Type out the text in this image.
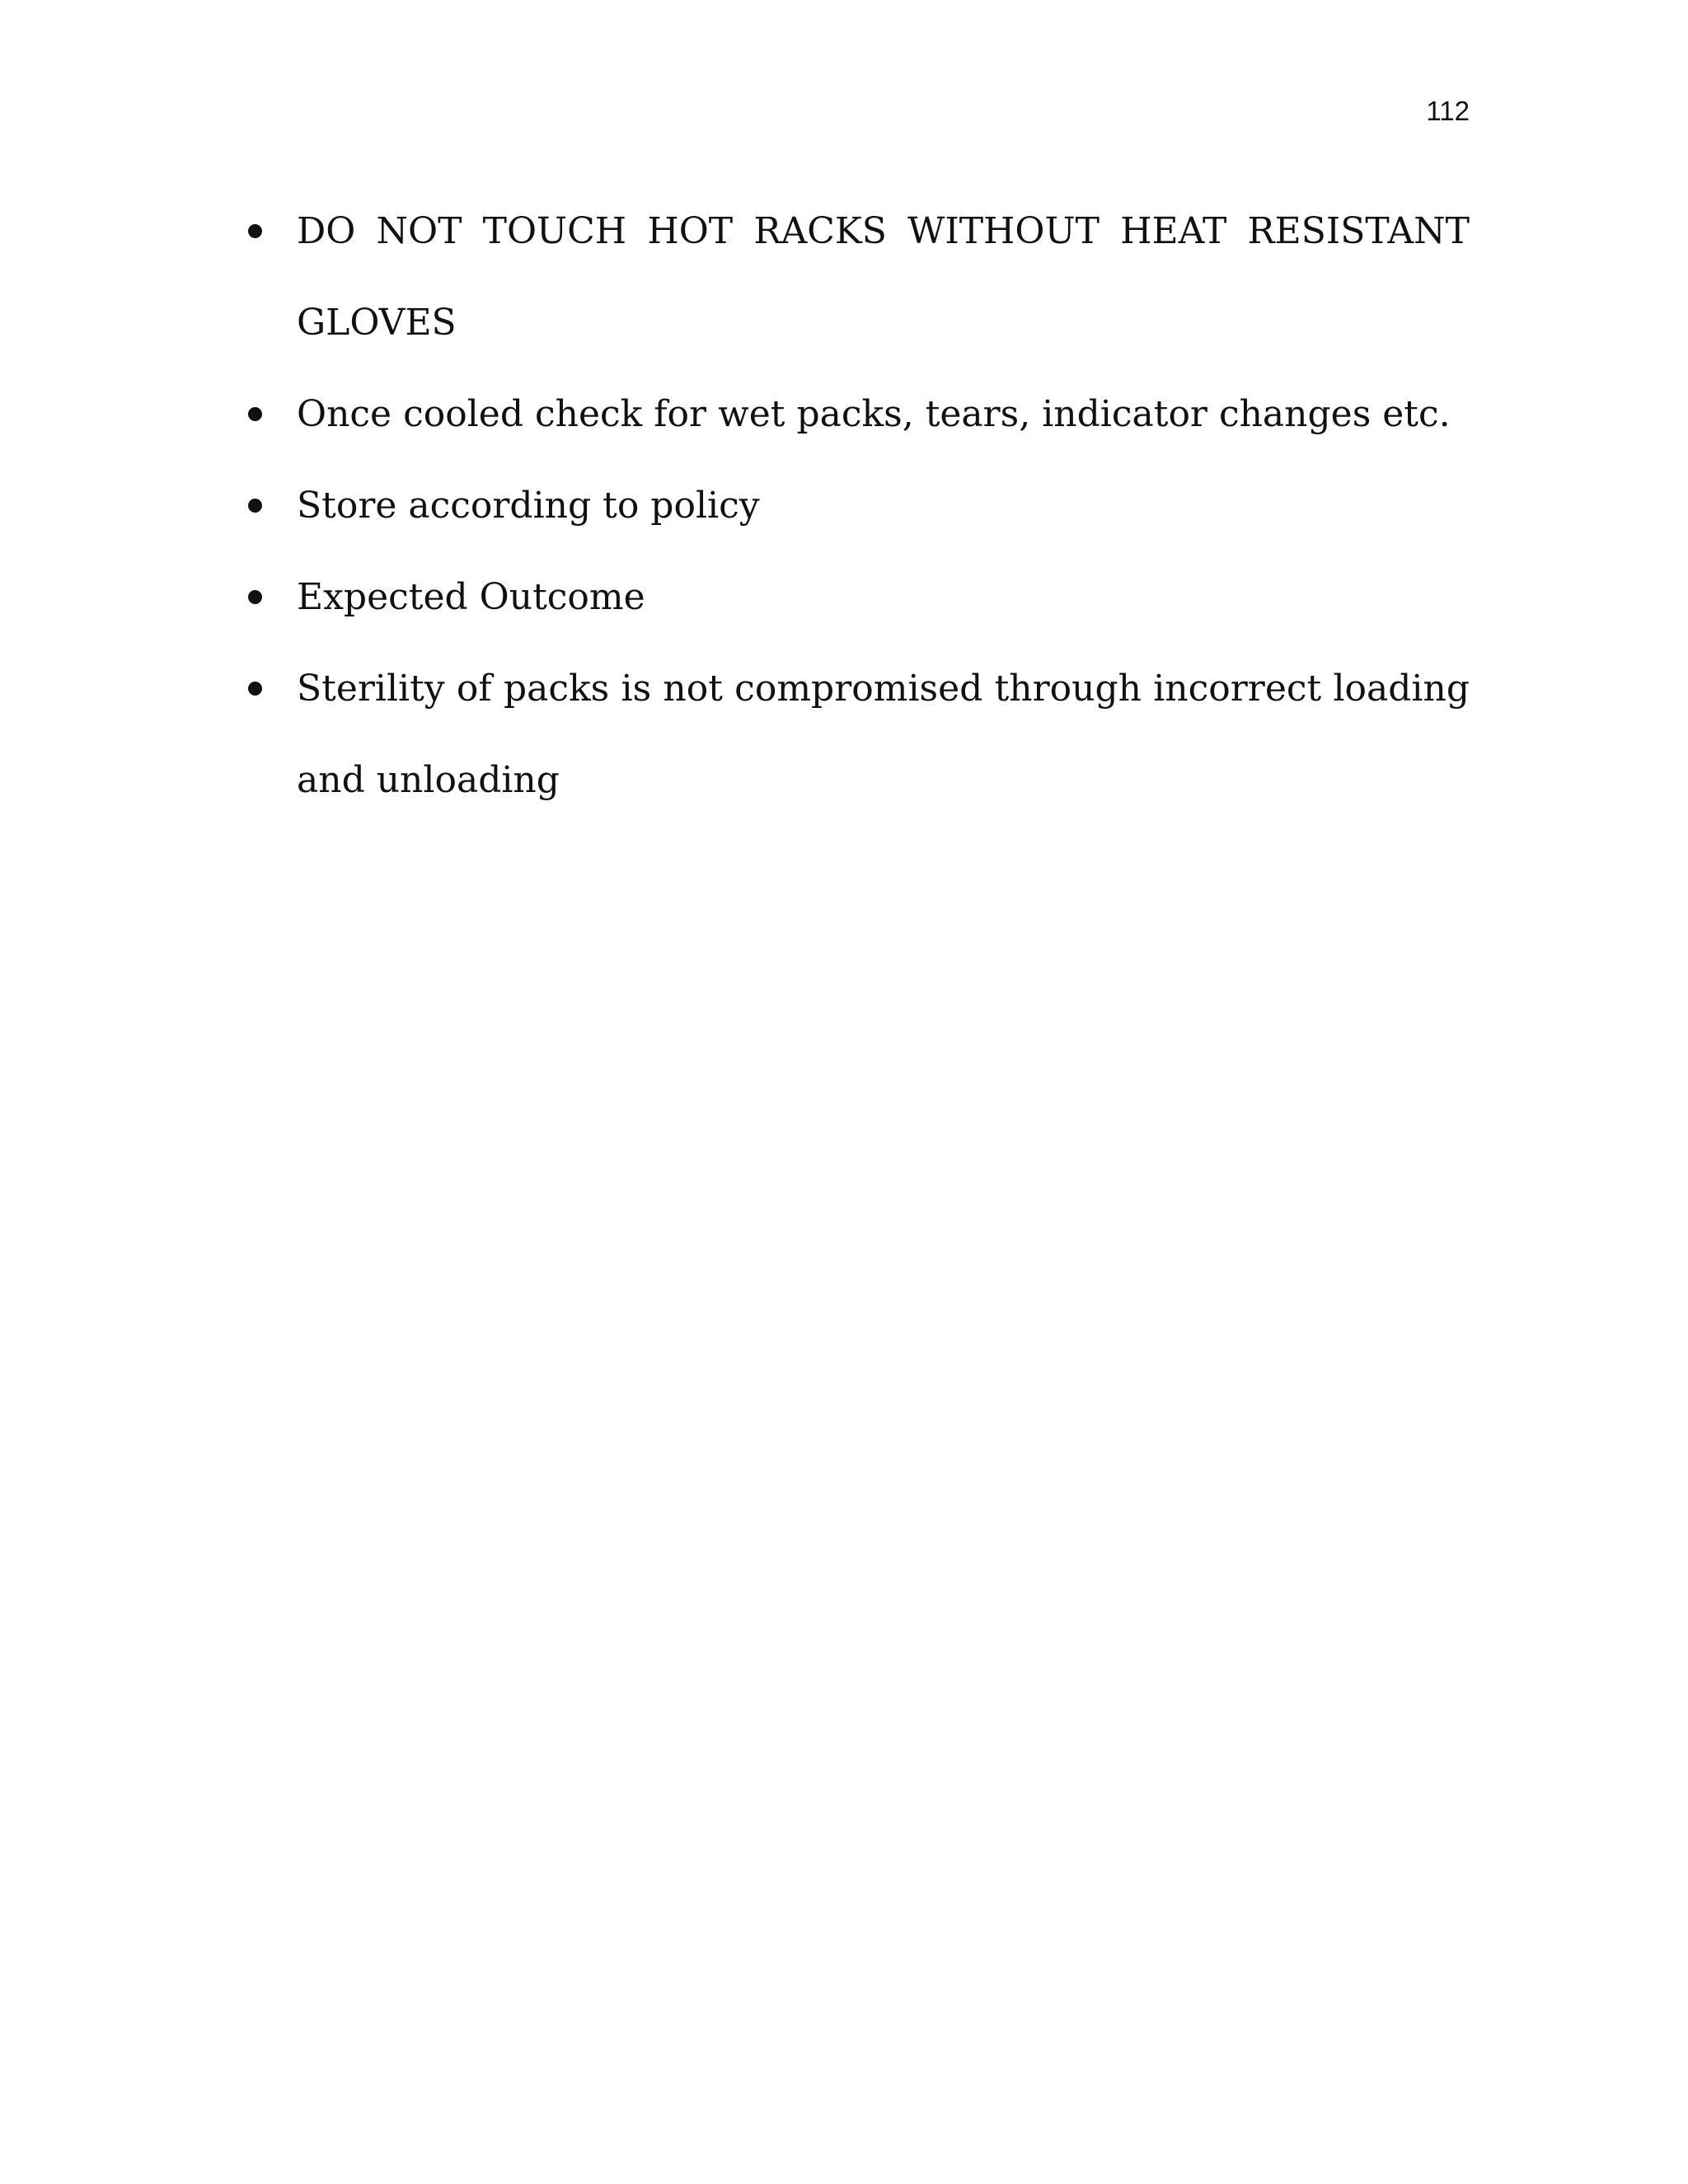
112
DO NOT TOUCH HOT RACKS WITHOUT HEAT RESISTANT GLOVES
Once cooled check for wet packs, tears, indicator changes etc.
Store according to policy
Expected Outcome
Sterility of packs is not compromised through incorrect loading and unloading
